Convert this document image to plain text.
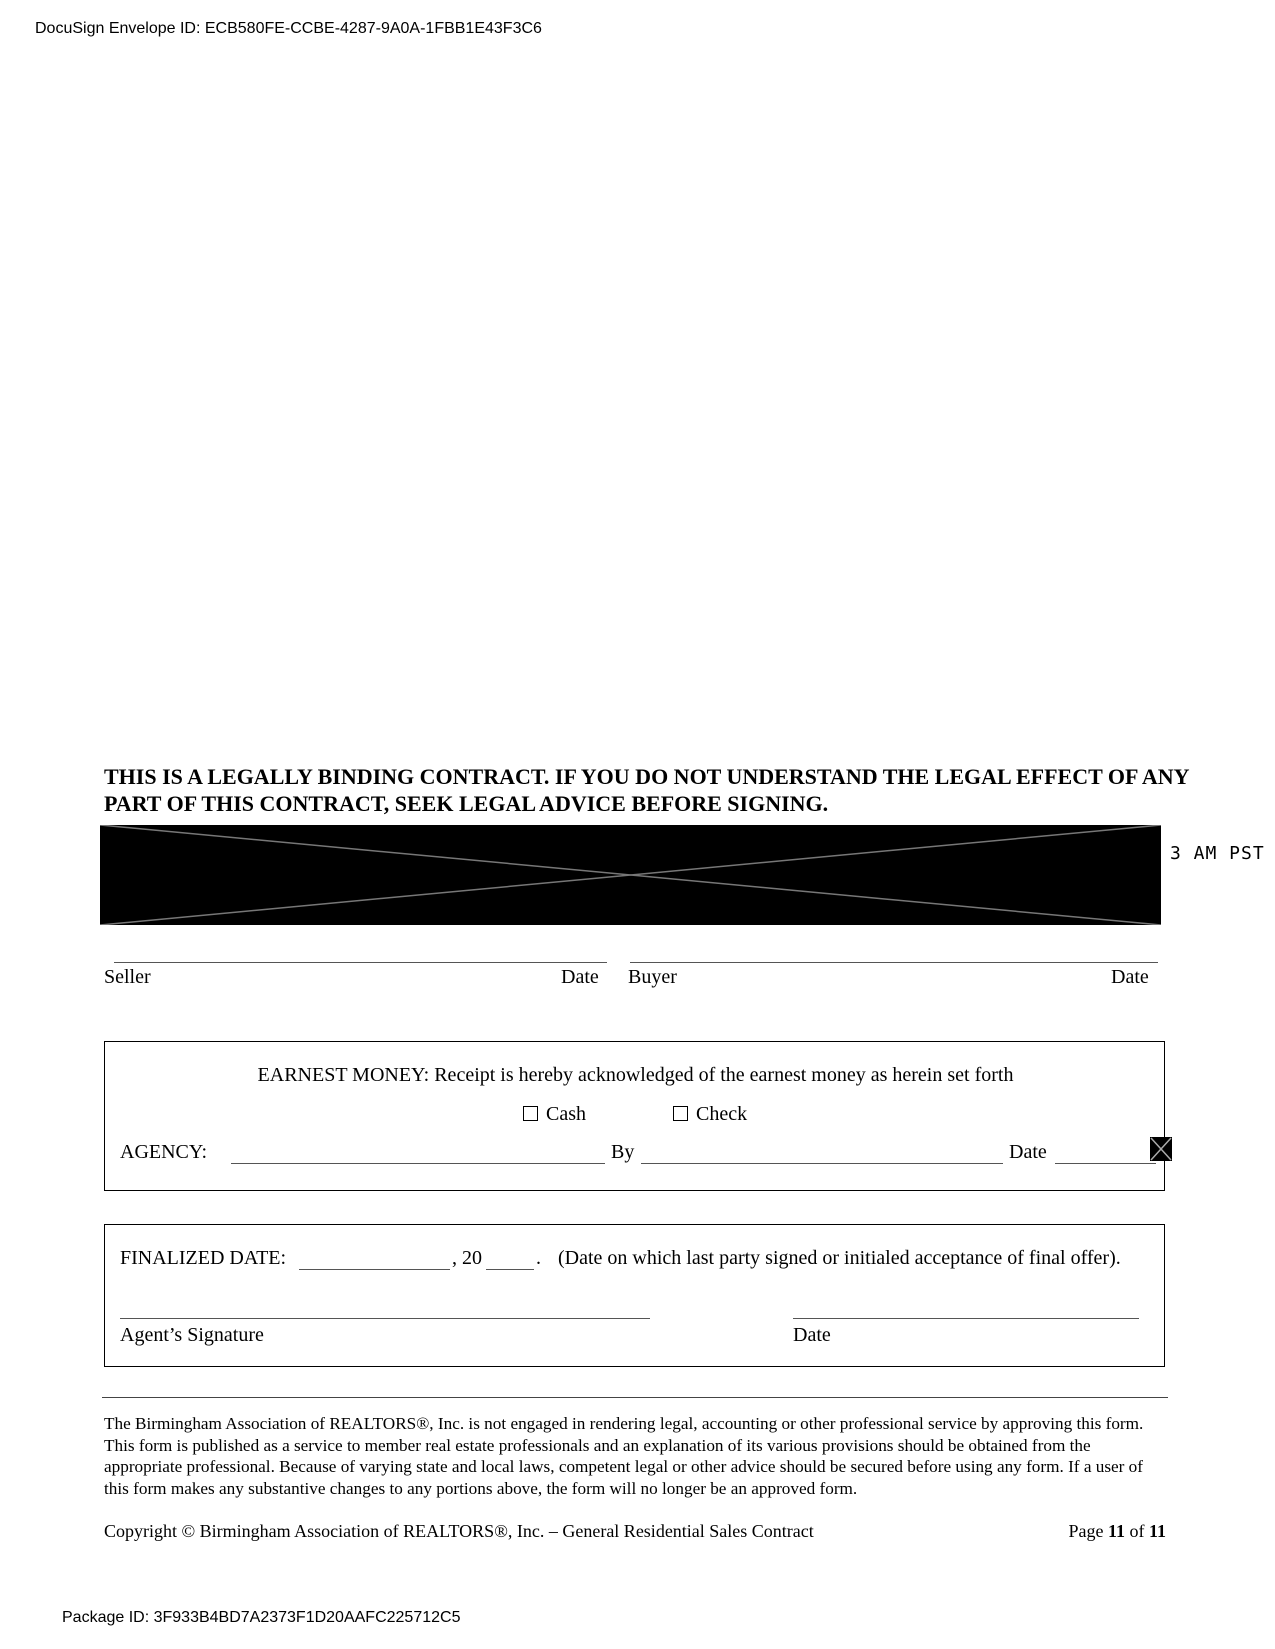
DocuSign Envelope ID: ECB580FE-CCBE-4287-9A0A-1FBB1E43F3C6
THIS IS A LEGALLY BINDING CONTRACT. IF YOU DO NOT UNDERSTAND THE LEGAL EFFECT OF ANY PART OF THIS CONTRACT, SEEK LEGAL ADVICE BEFORE SIGNING.
3 AM PST
Seller	Date Buyer	Date
EARNEST MONEY: Receipt is hereby acknowledged of the earnest money as herein set forth
Cash	Check
AGENCY:	By	Date
FINALIZED DATE:	, 20	. (Date on which last party signed or initialed acceptance of final offer).
Agent’s Signature	Date
The Birmingham Association of REALTORS®, Inc. is not engaged in rendering legal, accounting or other professional service by approving this form. This form is published as a service to member real estate professionals and an explanation of its various provisions should be obtained from the appropriate professional. Because of varying state and local laws, competent legal or other advice should be secured before using any form. If a user of this form makes any substantive changes to any portions above, the form will no longer be an approved form.
Copyright © Birmingham Association of REALTORS®, Inc. – General Residential Sales Contract	Page 11 of 11
Package ID: 3F933B4BD7A2373F1D20AAFC225712C5
